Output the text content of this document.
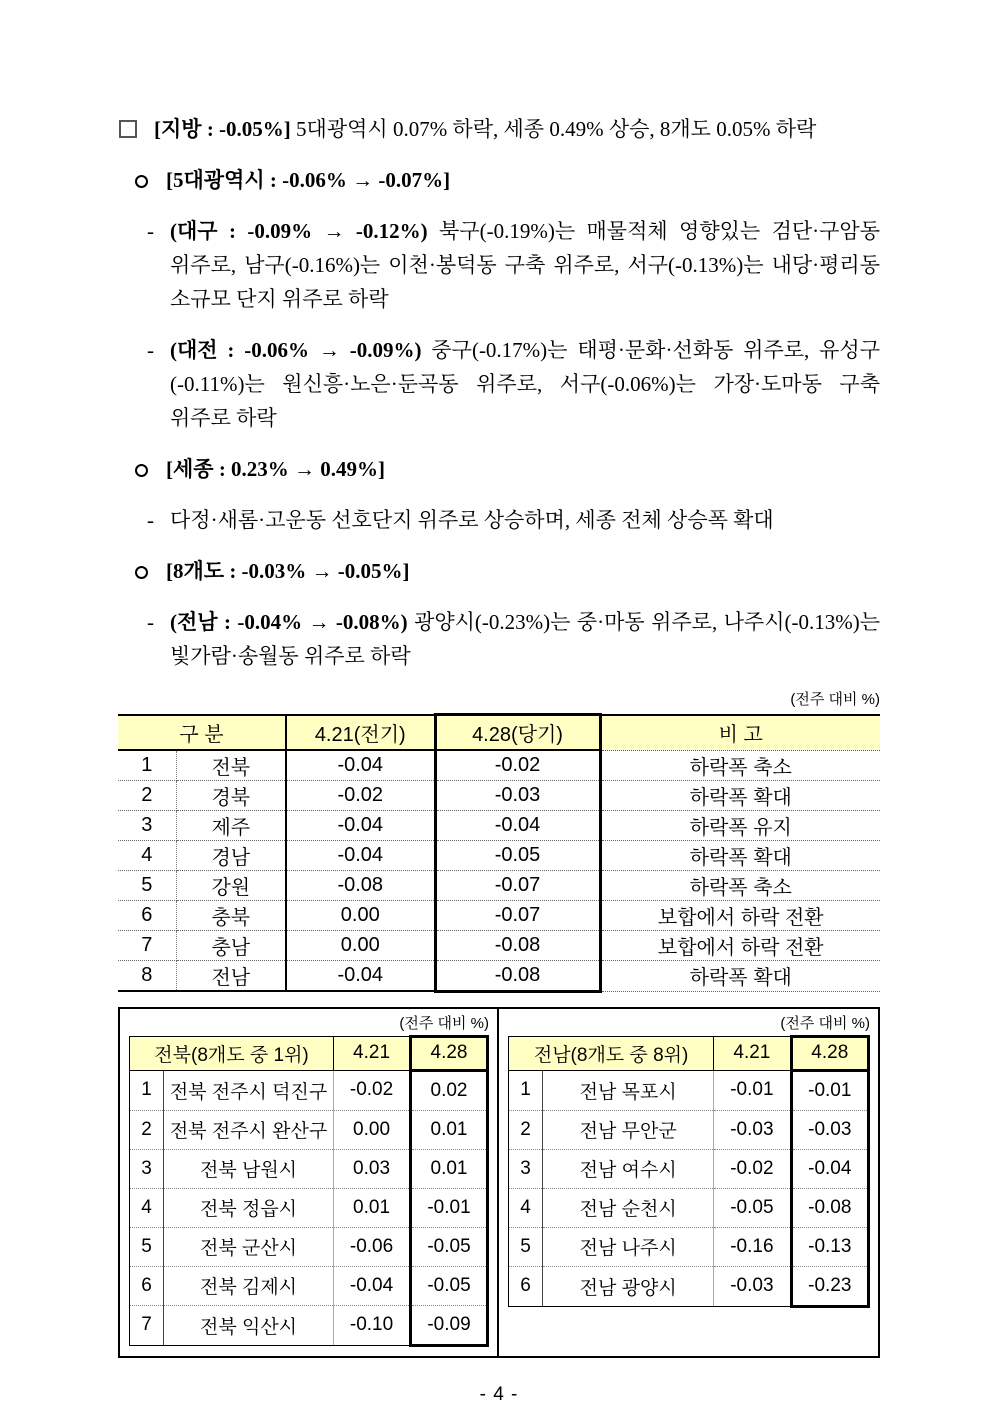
[지방 : -0.05%] 5대광역시 0.07% 하락, 세종 0.49% 상승, 8개도 0.05% 하락
[5대광역시 : -0.06% → -0.07%]
- (대구 : -0.09% → -0.12%) 북구(-0.19%)는 매물적체 영향있는 검단·구암동 위주로, 남구(-0.16%)는 이천·봉덕동 구축 위주로, 서구(-0.13%)는 내당·평리동 소규모 단지 위주로 하락
- (대전 : -0.06% → -0.09%) 중구(-0.17%)는 태평·문화·선화동 위주로, 유성구(-0.11%)는 원신흥·노은·둔곡동 위주로, 서구(-0.06%)는 가장·도마동 구축 위주로 하락
[세종 : 0.23% → 0.49%]
- 다정·새롬·고운동 선호단지 위주로 상승하며, 세종 전체 상승폭 확대
[8개도 : -0.03% → -0.05%]
- (전남 : -0.04% → -0.08%) 광양시(-0.23%)는 중·마동 위주로, 나주시(-0.13%)는 빛가람·송월동 위주로 하락
(전주 대비 %)
구 분		4.21(전기)	4.28(당기)	비 고
1	전북	-0.04	-0.02	하락폭 축소
2	경북	-0.02	-0.03	하락폭 확대
3	제주	-0.04	-0.04	하락폭 유지
4	경남	-0.04	-0.05	하락폭 확대
5	강원	-0.08	-0.07	하락폭 축소
6	충북	0.00	-0.07	보합에서 하락 전환
7	충남	0.00	-0.08	보합에서 하락 전환
8	전남	-0.04	-0.08	하락폭 확대
(전주 대비 %)
전북(8개도 중 1위)		4.21	4.28
1	전북 전주시 덕진구	-0.02	0.02
2	전북 전주시 완산구	0.00	0.01
3	전북 남원시	0.03	0.01
4	전북 정읍시	0.01	-0.01
5	전북 군산시	-0.06	-0.05
6	전북 김제시	-0.04	-0.05
7	전북 익산시	-0.10	-0.09
(전주 대비 %)
전남(8개도 중 8위)		4.21	4.28
1	전남 목포시	-0.01	-0.01
2	전남 무안군	-0.03	-0.03
3	전남 여수시	-0.02	-0.04
4	전남 순천시	-0.05	-0.08
5	전남 나주시	-0.16	-0.13
6	전남 광양시	-0.03	-0.23
- 4 -
